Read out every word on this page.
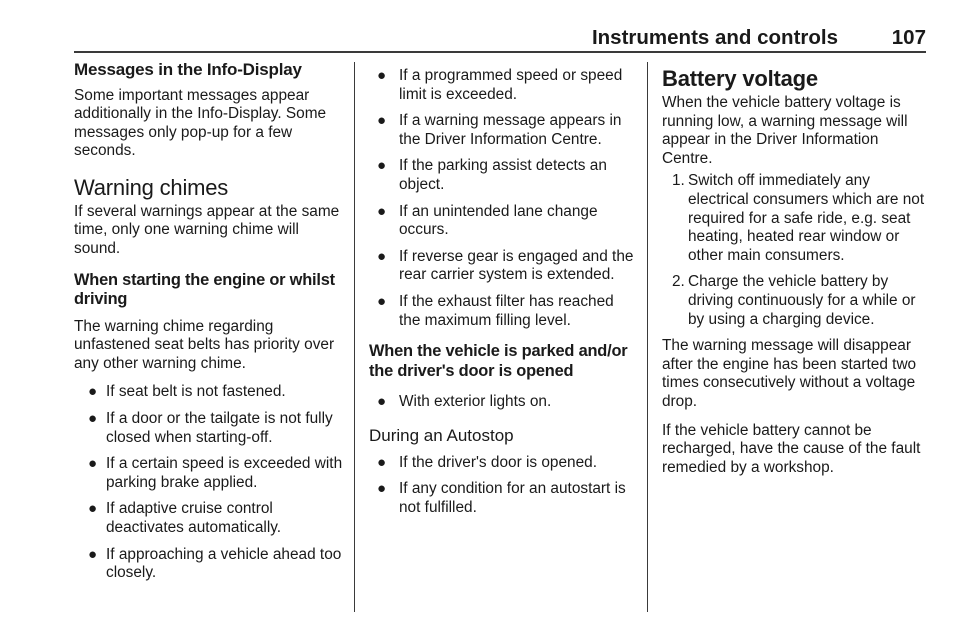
Instruments and controls	107
Messages in the Info-Display

Some important messages appear additionally in the Info-Display. Some messages only pop-up for a few seconds.

Warning chimes

If several warnings appear at the same time, only one warning chime will sound.

When starting the engine or whilst driving

The warning chime regarding unfastened seat belts has priority over any other warning chime.

● If seat belt is not fastened.
● If a door or the tailgate is not fully closed when starting-off.
● If a certain speed is exceeded with parking brake applied.
● If adaptive cruise control deactivates automatically.
● If approaching a vehicle ahead too closely.
● If a programmed speed or speed limit is exceeded.
● If a warning message appears in the Driver Information Centre.
● If the parking assist detects an object.
● If an unintended lane change occurs.
● If reverse gear is engaged and the rear carrier system is extended.
● If the exhaust filter has reached the maximum filling level.
When the vehicle is parked and/or the driver's door is opened
● With exterior lights on.
During an Autostop
● If the driver's door is opened.
● If any condition for an autostart is not fulfilled.
Battery voltage

When the vehicle battery voltage is running low, a warning message will appear in the Driver Information Centre.

1. Switch off immediately any electrical consumers which are not required for a safe ride, e.g. seat heating, heated rear window or other main consumers.
2. Charge the vehicle battery by driving continuously for a while or by using a charging device.

The warning message will disappear after the engine has been started two times consecutively without a voltage drop.

If the vehicle battery cannot be recharged, have the cause of the fault remedied by a workshop.
